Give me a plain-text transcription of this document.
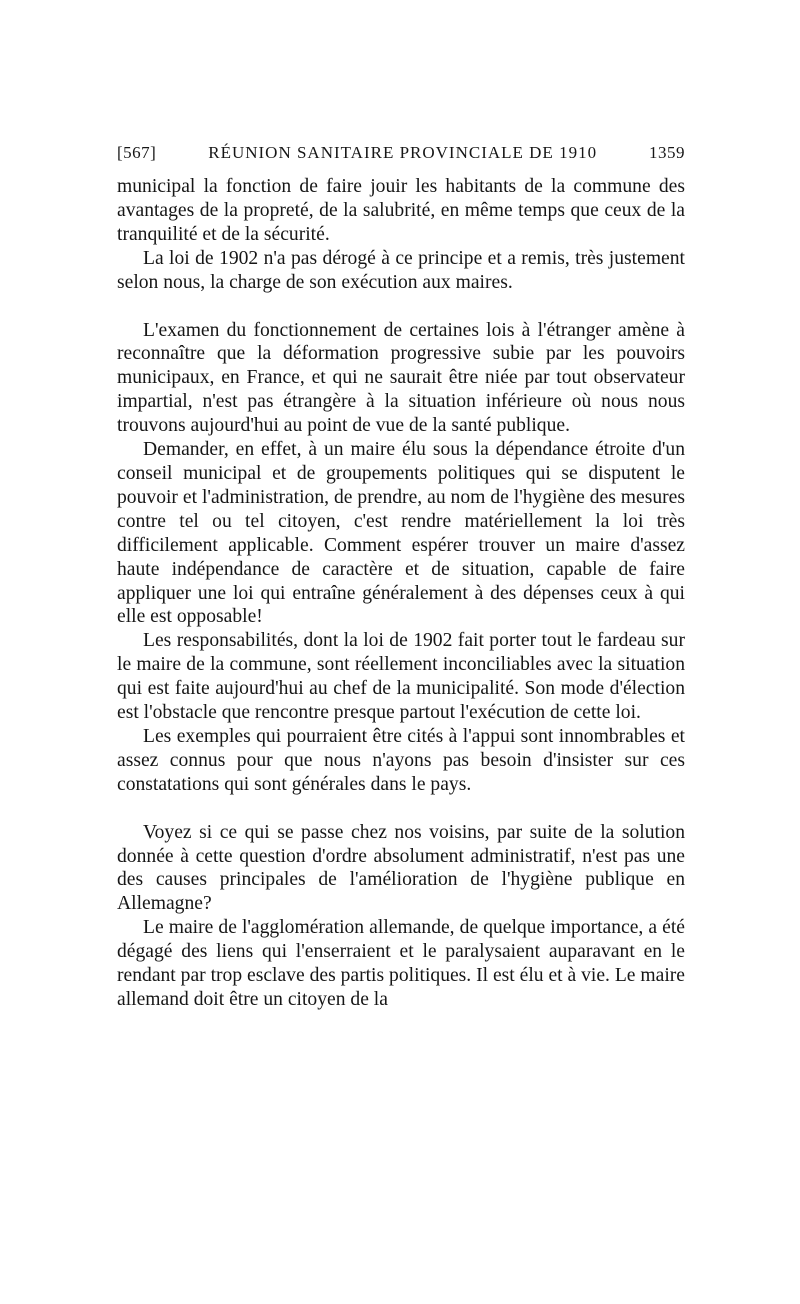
[567]	RÉUNION SANITAIRE PROVINCIALE DE 1910	1359

municipal la fonction de faire jouir les habitants de la commune des avantages de la propreté, de la salubrité, en même temps que ceux de la tranquilité et de la sécurité.

La loi de 1902 n'a pas dérogé à ce principe et a remis, très justement selon nous, la charge de son exécution aux maires.

L'examen du fonctionnement de certaines lois à l'étranger amène à reconnaître que la déformation progressive subie par les pouvoirs municipaux, en France, et qui ne saurait être niée par tout observateur impartial, n'est pas étrangère à la situation inférieure où nous nous trouvons aujourd'hui au point de vue de la santé publique.

Demander, en effet, à un maire élu sous la dépendance étroite d'un conseil municipal et de groupements politiques qui se disputent le pouvoir et l'administration, de prendre, au nom de l'hygiène des mesures contre tel ou tel citoyen, c'est rendre matériellement la loi très difficilement applicable. Comment espérer trouver un maire d'assez haute indépendance de caractère et de situation, capable de faire appliquer une loi qui entraîne généralement à des dépenses ceux à qui elle est opposable!

Les responsabilités, dont la loi de 1902 fait porter tout le fardeau sur le maire de la commune, sont réellement inconciliables avec la situation qui est faite aujourd'hui au chef de la municipalité. Son mode d'élection est l'obstacle que rencontre presque partout l'exécution de cette loi.

Les exemples qui pourraient être cités à l'appui sont innombrables et assez connus pour que nous n'ayons pas besoin d'insister sur ces constatations qui sont générales dans le pays.

Voyez si ce qui se passe chez nos voisins, par suite de la solution donnée à cette question d'ordre absolument administratif, n'est pas une des causes principales de l'amélioration de l'hygiène publique en Allemagne?

Le maire de l'agglomération allemande, de quelque importance, a été dégagé des liens qui l'enserraient et le paralysaient auparavant en le rendant par trop esclave des partis politiques. Il est élu et à vie. Le maire allemand doit être un citoyen de la
